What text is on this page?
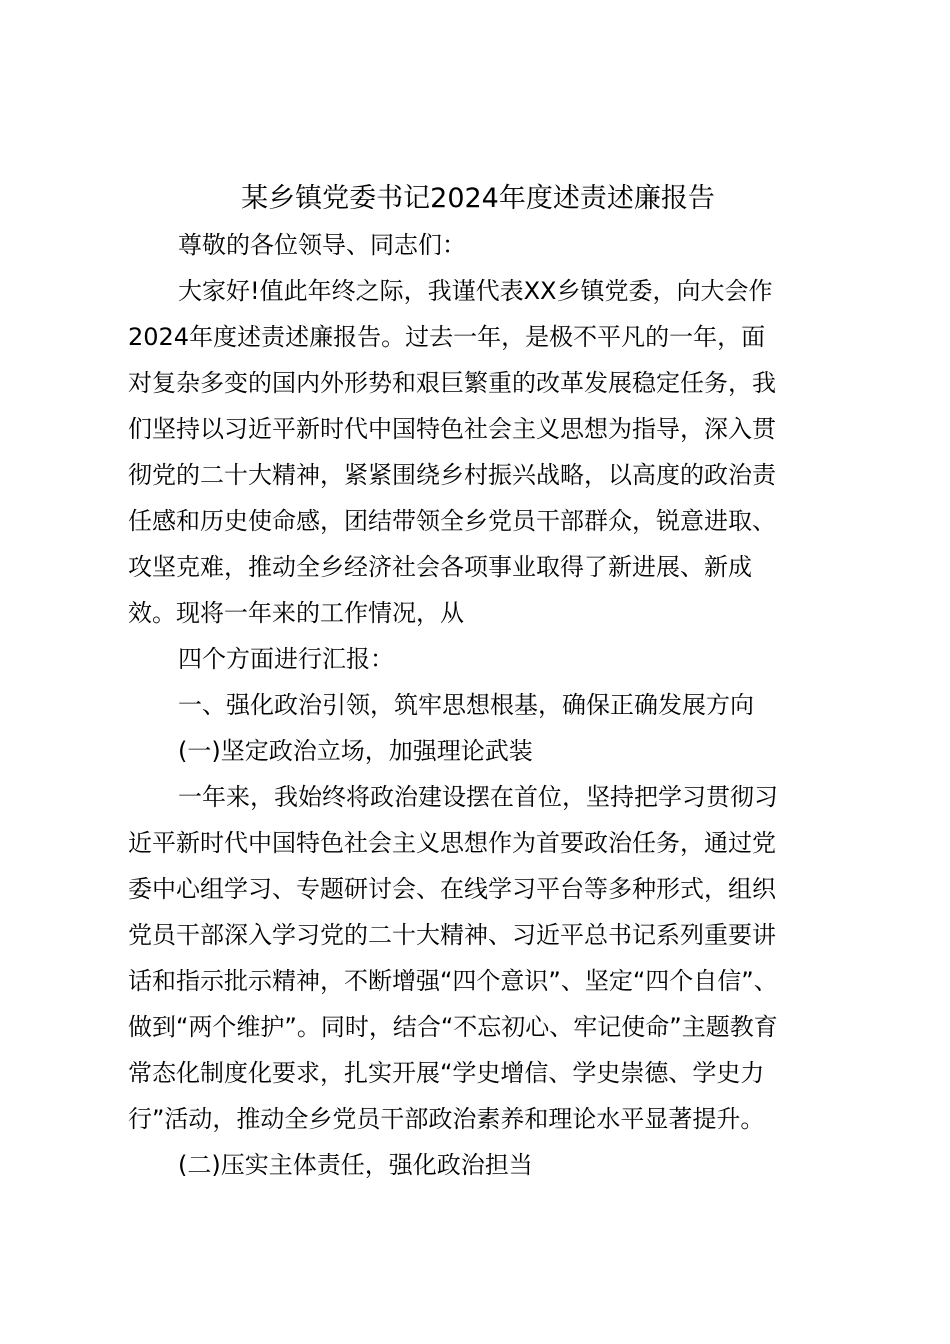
某乡镇党委书记2024年度述责述廉报告
尊敬的各位领导、同志们：
大家好!值此年终之际，我谨代表XX乡镇党委，向大会作
2024年度述责述廉报告。过去一年，是极不平凡的一年，面
对复杂多变的国内外形势和艰巨繁重的改革发展稳定任务，我
们坚持以习近平新时代中国特色社会主义思想为指导，深入贯
彻党的二十大精神，紧紧围绕乡村振兴战略，以高度的政治责
任感和历史使命感，团结带领全乡党员干部群众，锐意进取、
攻坚克难，推动全乡经济社会各项事业取得了新进展、新成
效。现将一年来的工作情况，从
四个方面进行汇报：
一、强化政治引领，筑牢思想根基，确保正确发展方向
(一)坚定政治立场，加强理论武装
一年来，我始终将政治建设摆在首位，坚持把学习贯彻习
近平新时代中国特色社会主义思想作为首要政治任务，通过党
委中心组学习、专题研讨会、在线学习平台等多种形式，组织
党员干部深入学习党的二十大精神、习近平总书记系列重要讲
话和指示批示精神，不断增强“四个意识”、坚定“四个自信”、
做到“两个维护”。同时，结合“不忘初心、牢记使命”主题教育
常态化制度化要求，扎实开展“学史增信、学史崇德、学史力
行”活动，推动全乡党员干部政治素养和理论水平显著提升。
(二)压实主体责任，强化政治担当
